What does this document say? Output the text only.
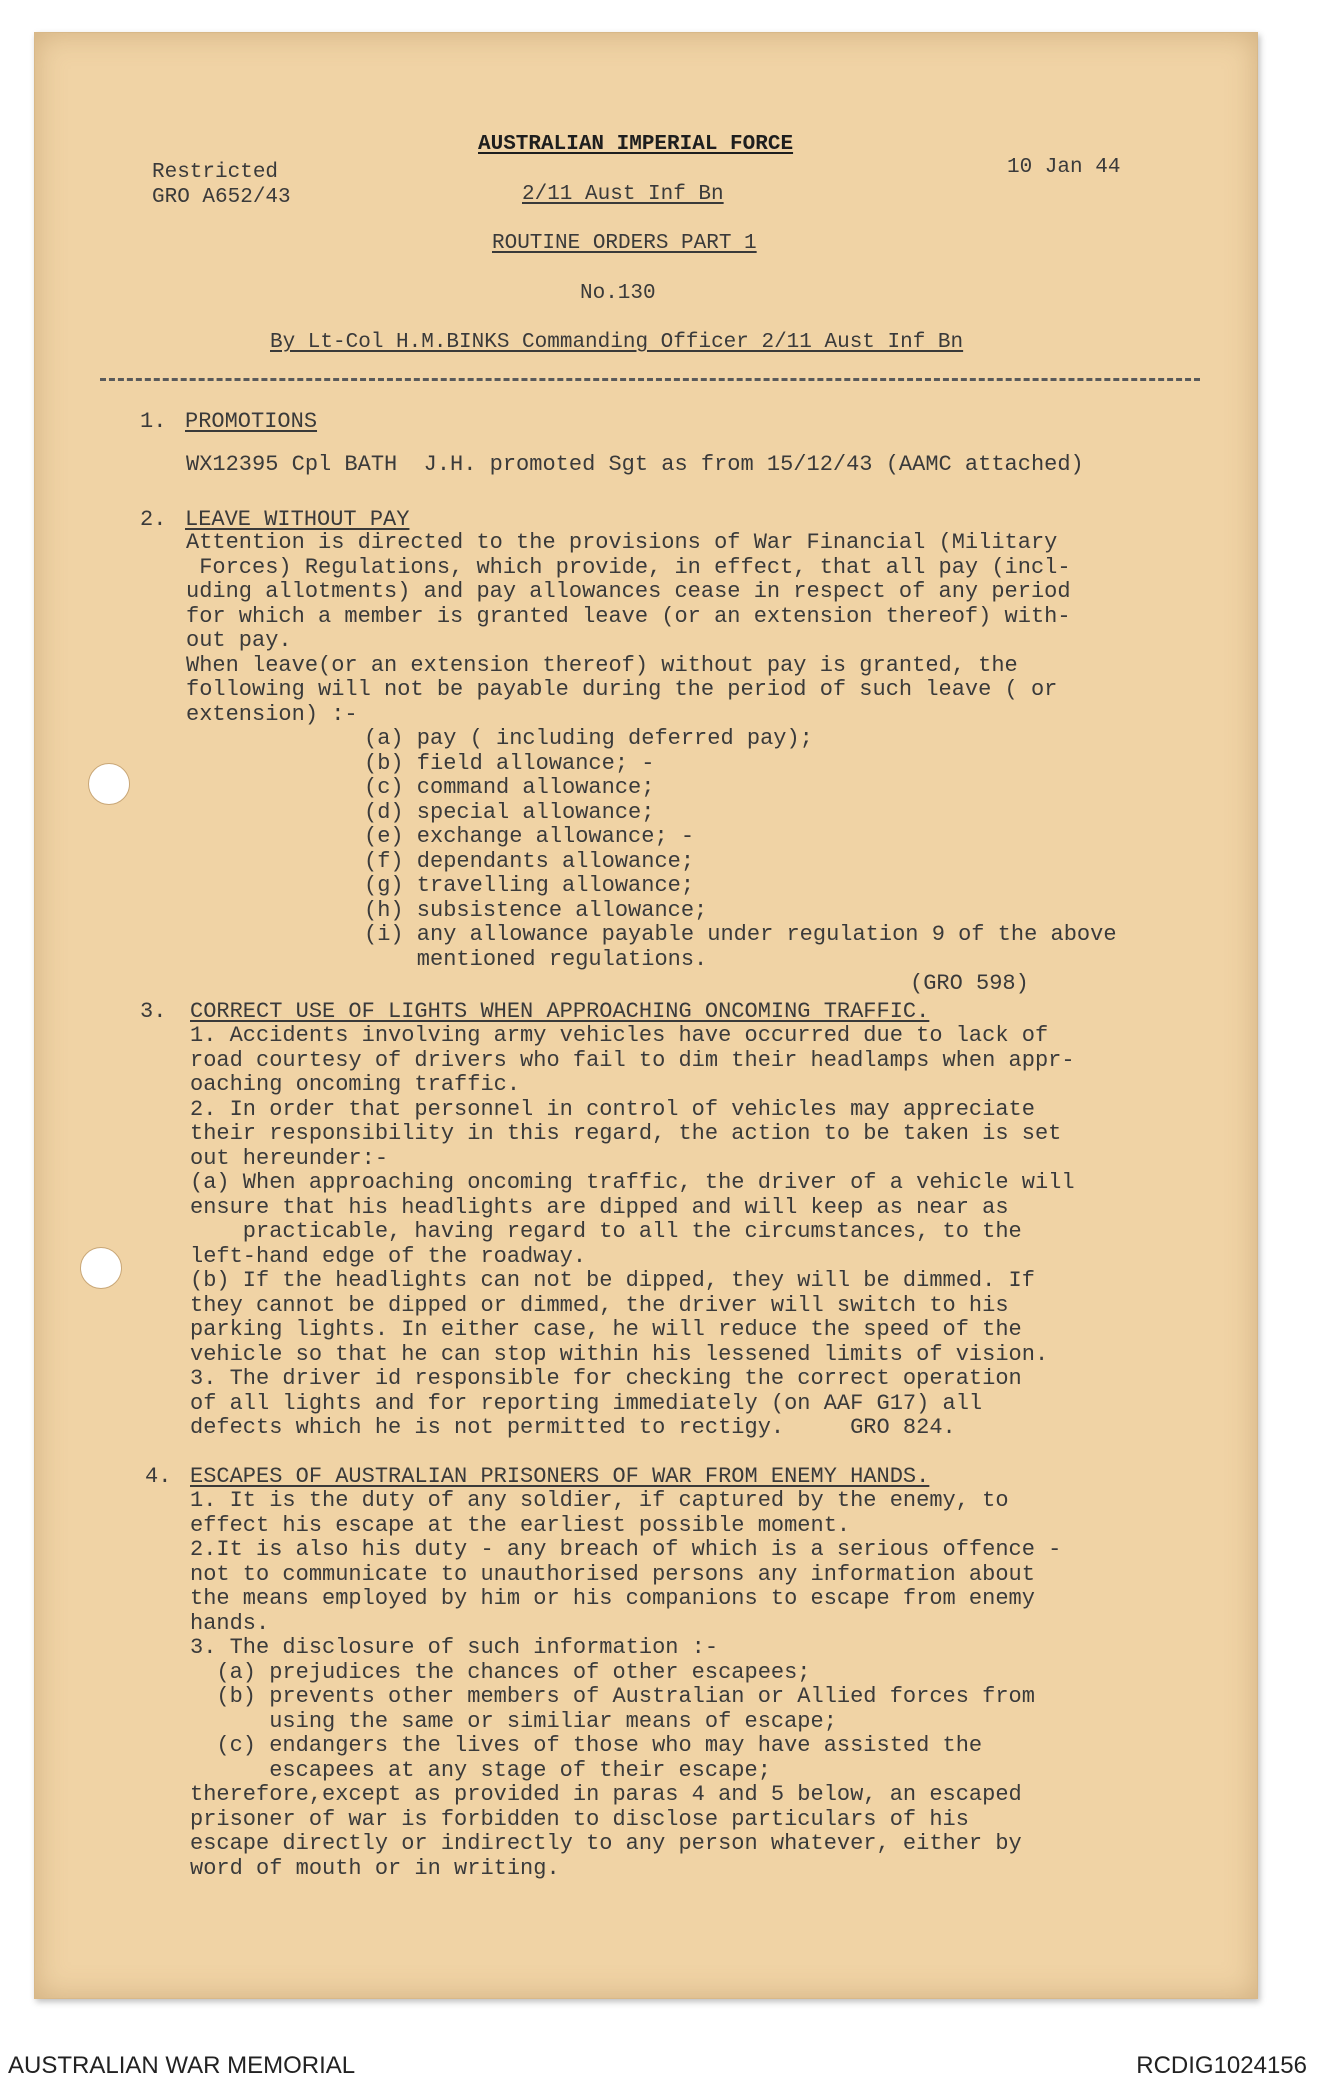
Restricted
GRO A652/43
AUSTRALIAN IMPERIAL FORCE
2/11 Aust Inf Bn
ROUTINE ORDERS PART 1
No.130
10 Jan 44
By Lt-Col H.M.BINKS Commanding Officer 2/11 Aust Inf Bn
1. PROMOTIONS
WX12395 Cpl BATH  J.H. promoted Sgt as from 15/12/43 (AAMC attached)
2. LEAVE WITHOUT PAY
Attention is directed to the provisions of War Financial (Military
Forces) Regulations, which provide, in effect, that all pay (incl-
uding allotments) and pay allowances cease in respect of any period
for which a member is granted leave (or an extension thereof) with-
out pay.
When leave(or an extension thereof) without pay is granted, the
following will not be payable during the period of such leave ( or
extension) :-
(a) pay ( including deferred pay);
(b) field allowance; -
(c) command allowance;
(d) special allowance;
(e) exchange allowance; -
(f) dependants allowance;
(g) travelling allowance;
(h) subsistence allowance;
(i) any allowance payable under regulation 9 of the above
mentioned regulations.
(GRO 598)
3. CORRECT USE OF LIGHTS WHEN APPROACHING ONCOMING TRAFFIC.
1. Accidents involving army vehicles have occurred due to lack of
road courtesy of drivers who fail to dim their headlamps when appr-
oaching oncoming traffic.
2. In order that personnel in control of vehicles may appreciate
their responsibility in this regard, the action to be taken is set
out hereunder:-
(a) When approaching oncoming traffic, the driver of a vehicle will
ensure that his headlights are dipped and will keep as near as
practicable, having regard to all the circumstances, to the
left-hand edge of the roadway.
(b) If the headlights can not be dipped, they will be dimmed. If
they cannot be dipped or dimmed, the driver will switch to his
parking lights. In either case, he will reduce the speed of the
vehicle so that he can stop within his lessened limits of vision.
3. The driver id responsible for checking the correct operation
of all lights and for reporting immediately (on AAF G17) all
defects which he is not permitted to rectigy.     GRO 824.
4. ESCAPES OF AUSTRALIAN PRISONERS OF WAR FROM ENEMY HANDS.
1. It is the duty of any soldier, if captured by the enemy, to
effect his escape at the earliest possible moment.
2.It is also his duty - any breach of which is a serious offence -
not to communicate to unauthorised persons any information about
the means employed by him or his companions to escape from enemy
hands.
3. The disclosure of such information :-
(a) prejudices the chances of other escapees;
(b) prevents other members of Australian or Allied forces from
using the same or similiar means of escape;
(c) endangers the lives of those who may have assisted the
escapees at any stage of their escape;
therefore,except as provided in paras 4 and 5 below, an escaped
prisoner of war is forbidden to disclose particulars of his
escape directly or indirectly to any person whatever, either by
word of mouth or in writing.
AUSTRALIAN WAR MEMORIAL	RCDIG1024156
